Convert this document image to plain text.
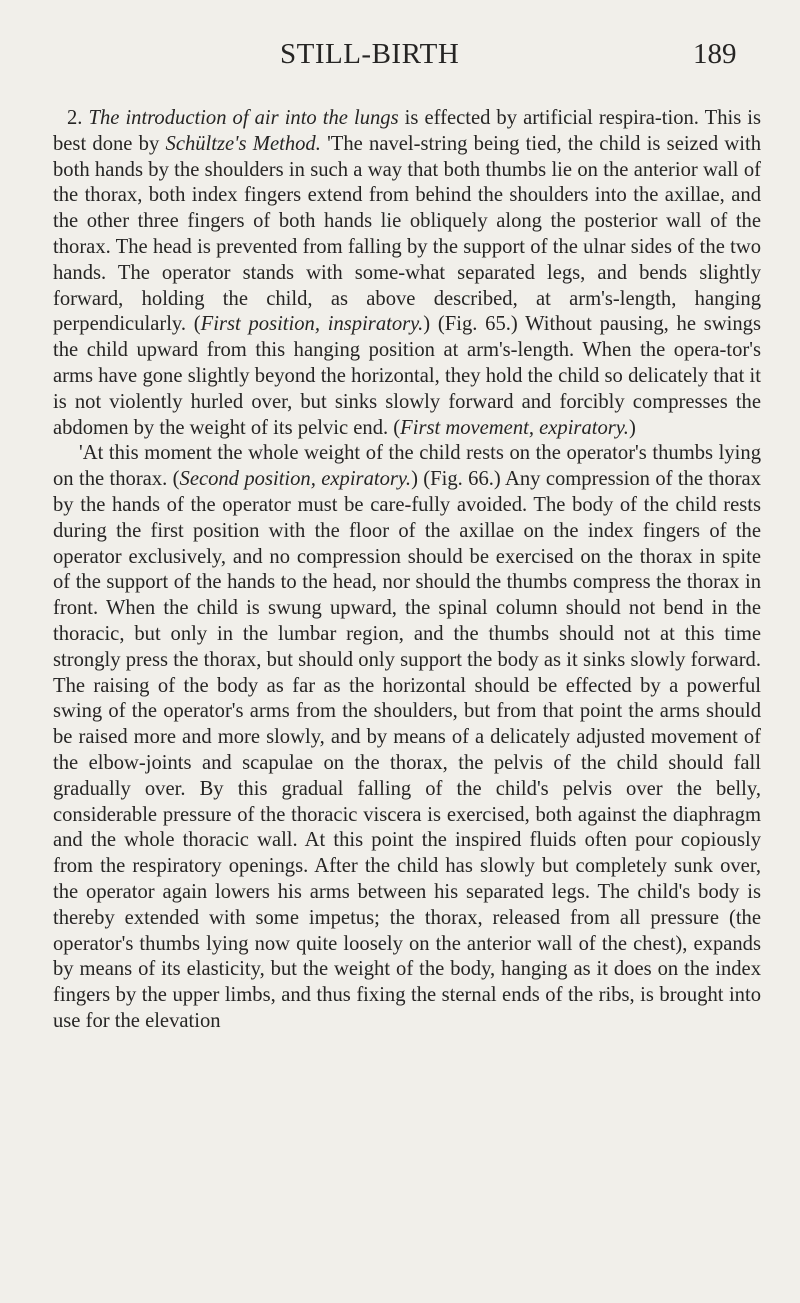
STILL-BIRTH	189

2. The introduction of air into the lungs is effected by artificial respira-tion. This is best done by Schültze's Method. 'The navel-string being tied, the child is seized with both hands by the shoulders in such a way that both thumbs lie on the anterior wall of the thorax, both index fingers extend from behind the shoulders into the axillae, and the other three fingers of both hands lie obliquely along the posterior wall of the thorax. The head is prevented from falling by the support of the ulnar sides of the two hands. The operator stands with some-what separated legs, and bends slightly forward, holding the child, as above described, at arm's-length, hanging perpendicularly. (First position, inspiratory.) (Fig. 65.) Without pausing, he swings the child upward from this hanging position at arm's-length. When the opera-tor's arms have gone slightly beyond the horizontal, they hold the child so delicately that it is not violently hurled over, but sinks slowly forward and forcibly compresses the abdomen by the weight of its pelvic end. (First movement, expiratory.)

'At this moment the whole weight of the child rests on the operator's thumbs lying on the thorax. (Second position, expiratory.) (Fig. 66.) Any compression of the thorax by the hands of the operator must be care-fully avoided. The body of the child rests during the first position with the floor of the axillae on the index fingers of the operator exclusively, and no compression should be exercised on the thorax in spite of the support of the hands to the head, nor should the thumbs compress the thorax in front. When the child is swung upward, the spinal column should not bend in the thoracic, but only in the lumbar region, and the thumbs should not at this time strongly press the thorax, but should only support the body as it sinks slowly forward. The raising of the body as far as the horizontal should be effected by a powerful swing of the operator's arms from the shoulders, but from that point the arms should be raised more and more slowly, and by means of a delicately adjusted movement of the elbow-joints and scapulae on the thorax, the pelvis of the child should fall gradually over. By this gradual falling of the child's pelvis over the belly, considerable pressure of the thoracic viscera is exercised, both against the diaphragm and the whole thoracic wall. At this point the inspired fluids often pour copiously from the respiratory openings. After the child has slowly but completely sunk over, the operator again lowers his arms between his separated legs. The child's body is thereby extended with some impetus; the thorax, released from all pressure (the operator's thumbs lying now quite loosely on the anterior wall of the chest), expands by means of its elasticity, but the weight of the body, hanging as it does on the index fingers by the upper limbs, and thus fixing the sternal ends of the ribs, is brought into use for the elevation
